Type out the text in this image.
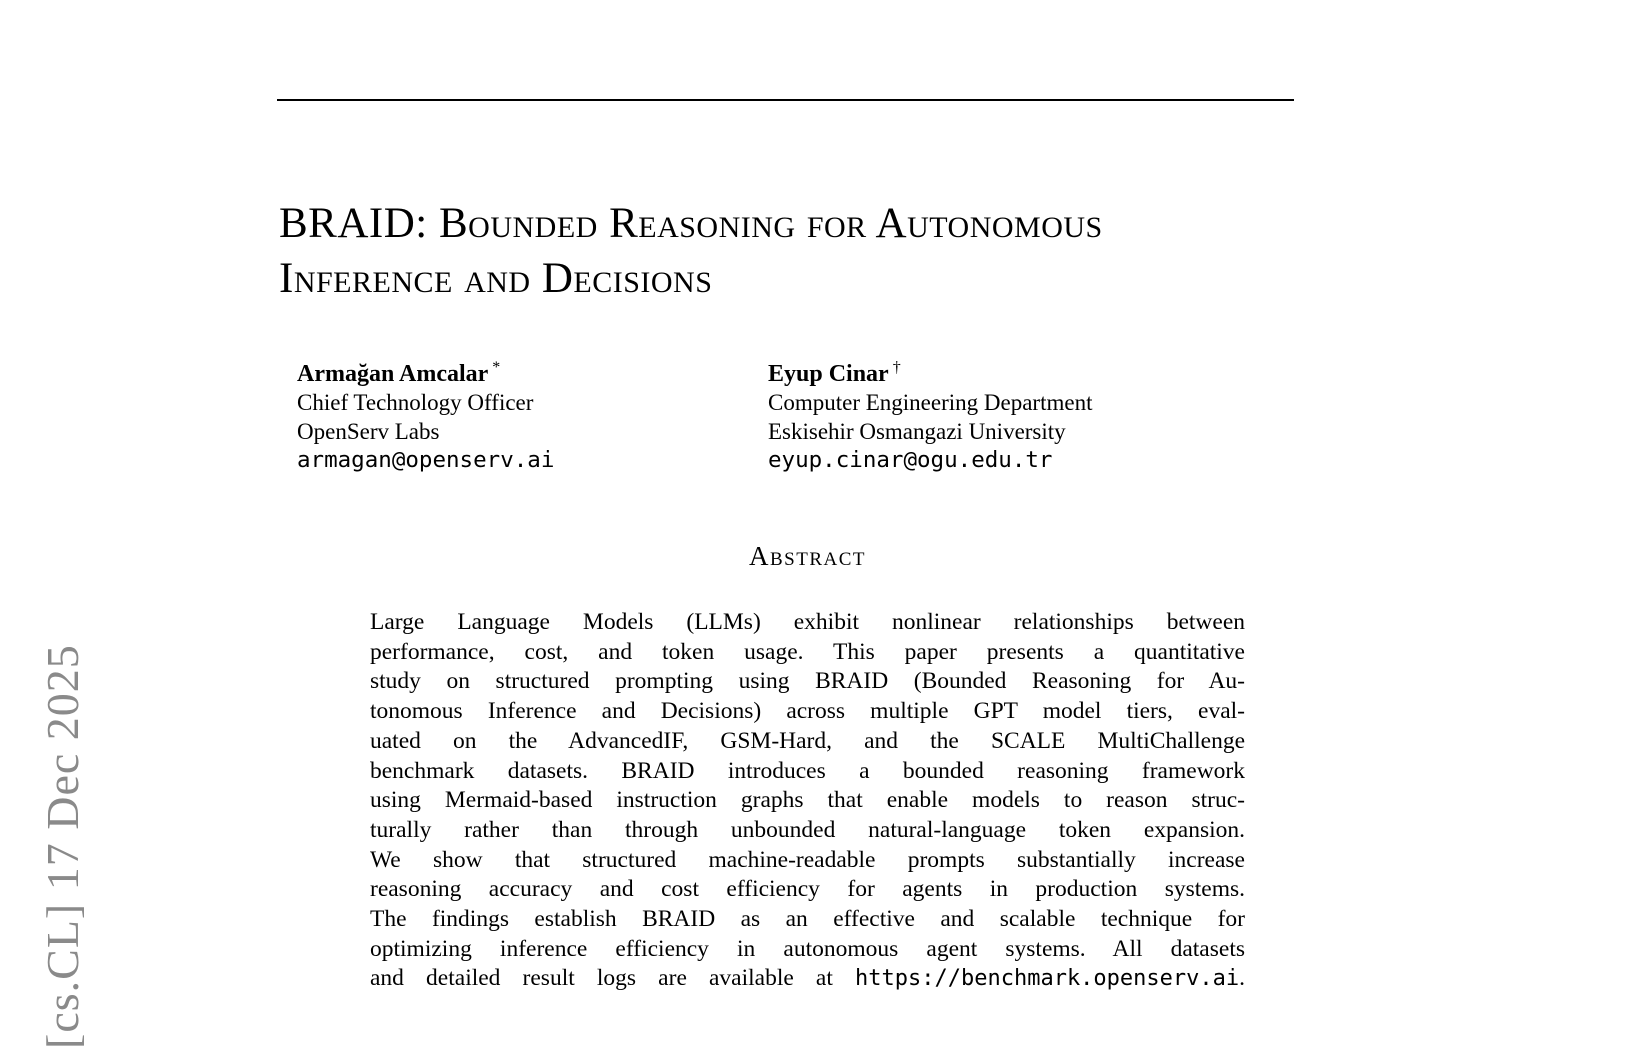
BRAID: Bounded Reasoning for Autonomous
Inference and Decisions
Armağan Amcalar *
Chief Technology Officer
OpenServ Labs
armagan@openserv.ai
Eyup Cinar †
Computer Engineering Department
Eskisehir Osmangazi University
eyup.cinar@ogu.edu.tr
Abstract
Large Language Models (LLMs) exhibit nonlinear relationships between
performance, cost, and token usage. This paper presents a quantitative
study on structured prompting using BRAID (Bounded Reasoning for Au-
tonomous Inference and Decisions) across multiple GPT model tiers, eval-
uated on the AdvancedIF, GSM-Hard, and the SCALE MultiChallenge
benchmark datasets. BRAID introduces a bounded reasoning framework
using Mermaid-based instruction graphs that enable models to reason struc-
turally rather than through unbounded natural-language token expansion.
We show that structured machine-readable prompts substantially increase
reasoning accuracy and cost efficiency for agents in production systems.
The findings establish BRAID as an effective and scalable technique for
optimizing inference efficiency in autonomous agent systems. All datasets
and detailed result logs are available at https://benchmark.openserv.ai.
[cs.CL] 17 Dec 2025
